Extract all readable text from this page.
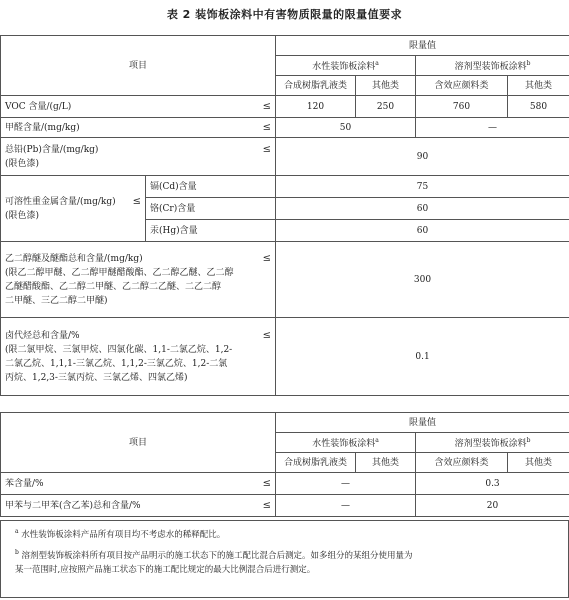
表 2 装饰板涂料中有害物质限量的限量值要求
项目		限量值			
		水性装饰板涂料$^a$		溶剂型装饰板涂料$^b$
		合成树脂乳液类	其他类	含效应颜料类	其他类
VOC 含量/(g/L) ≤		120	250	760	580
甲醛含量/(mg/kg) ≤		50		—	
总铅(Pb)含量/(mg/kg) ≤

(限色漆)		90			
可溶性重金属含量/(mg/kg) ≤

(限色漆)	镉(Cd)含量	75			
	铬(Cr)含量	60			
	汞(Hg)含量	60			
乙二醇醚及醚酯总和含量/(mg/kg) ≤

(限乙二醇甲醚、乙二醇甲醚醋酸酯、乙二醇乙醚、乙二醇
乙醚醋酸酯、乙二醇二甲醚、乙二醇二乙醚、二乙二醇
二甲醚、三乙二醇二甲醚)		300			
卤代烃总和含量/% ≤

(限二氯甲烷、三氯甲烷、四氯化碳、1,1-二氯乙烷、1,2-
二氯乙烷、1,1,1-三氯乙烷、1,1,2-三氯乙烷、1,2-二氯
丙烷、1,2,3-三氯丙烷、三氯乙烯、四氯乙烯)		0.1			
项目	限量值			
	水性装饰板涂料$^a$		溶剂型装饰板涂料$^b$
	合成树脂乳液类	其他类	含效应颜料类	其他类
苯含量/% ≤	—		0.3	
甲苯与二甲苯(含乙苯)总和含量/% ≤	—		20	

$^a$ 水性装饰板涂料产品所有项目均不考虑水的稀释配比。

$^b$ 溶剂型装饰板涂料所有项目按产品明示的施工状态下的施工配比混合后测定。如多组分的某组分使用量为
某一范围时,应按照产品施工状态下的施工配比规定的最大比例混合后进行测定。
